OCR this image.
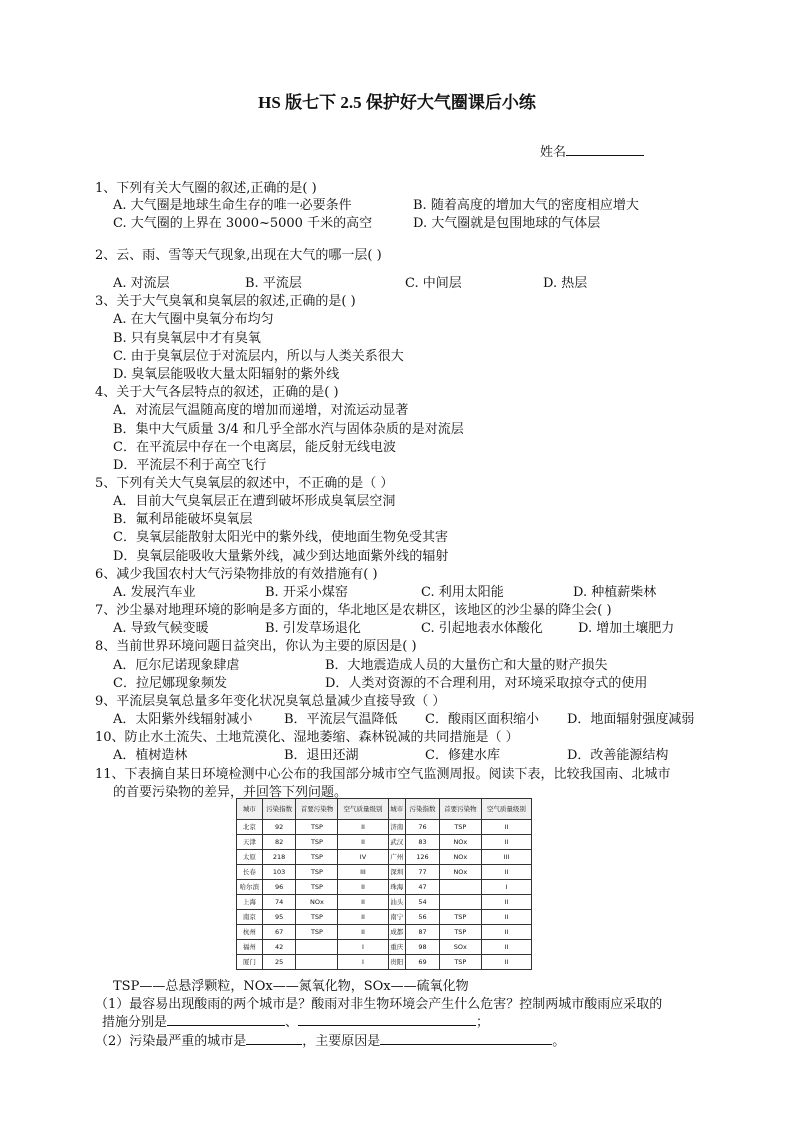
HS 版七下 2.5 保护好大气圈课后小练
姓名
1、下列有关大气圈的叙述,正确的是( )
A. 大气圈是地球生命生存的唯一必要条件	B. 随着高度的增加大气的密度相应增大
C. 大气圈的上界在 3000~5000 千米的高空	D. 大气圈就是包围地球的气体层
2、云、雨、雪等天气现象,出现在大气的哪一层( )
A. 对流层	B. 平流层	C. 中间层	D. 热层
3、关于大气臭氧和臭氧层的叙述,正确的是( )
A. 在大气圈中臭氧分布均匀
B. 只有臭氧层中才有臭氧
C. 由于臭氧层位于对流层内，所以与人类关系很大
D. 臭氧层能吸收大量太阳辐射的紫外线
4、关于大气各层特点的叙述，正确的是( )
A．对流层气温随高度的增加而递增，对流运动显著
B．集中大气质量 3/4 和几乎全部水汽与固体杂质的是对流层
C．在平流层中存在一个电离层，能反射无线电波
D．平流层不利于高空飞行
5、下列有关大气臭氧层的叙述中，不正确的是（ ）
A．目前大气臭氧层正在遭到破坏形成臭氧层空洞
B．氟利昂能破坏臭氧层
C．臭氧层能散射太阳光中的紫外线，使地面生物免受其害
D．臭氧层能吸收大量紫外线，减少到达地面紫外线的辐射
6、减少我国农村大气污染物排放的有效措施有( )
A. 发展汽车业	B. 开采小煤窑	C. 利用太阳能	D. 种植薪柴林
7、沙尘暴对地理环境的影响是多方面的，华北地区是农耕区，该地区的沙尘暴的降尘会( )
A. 导致气候变暖	B. 引发草场退化	C. 引起地表水体酸化	D. 增加土壤肥力
8、当前世界环境问题日益突出，你认为主要的原因是( )
A．厄尔尼诺现象肆虐	B．大地震造成人员的大量伤亡和大量的财产损失
C．拉尼娜现象频发	D．人类对资源的不合理利用，对环境采取掠夺式的使用
9、平流层臭氧总量多年变化状况臭氧总量减少直接导致（ ）
A．太阳紫外线辐射减小 B．平流层气温降低 C．酸雨区面积缩小 D．地面辐射强度减弱
10、防止水土流失、土地荒漠化、湿地萎缩、森林锐减的共同措施是（ ）
A．植树造林	B．退田还湖	C．修建水库	D．改善能源结构
11、下表摘自某日环境检测中心公布的我国部分城市空气监测周报。阅读下表，比较我国南、北城市
的首要污染物的差异，并回答下列问题。
城市	污染指数	首要污染物	空气质量级别	城市	污染指数	首要污染物	空气质量级别
北京	92	TSP	II	济南	76	TSP	II
天津	82	TSP	II	武汉	83	NOx	II
太原	218	TSP	IV	广州	126	NOx	III
长春	103	TSP	III	深圳	77	NOx	II
哈尔滨	96	TSP	II	珠海	47		I
上海	74	NOx	II	汕头	54		II
南京	95	TSP	II	南宁	56	TSP	II
杭州	67	TSP	II	成都	87	TSP	II
福州	42		I	重庆	98	SOx	II
厦门	25		I	贵阳	69	TSP	II
TSP——总悬浮颗粒，NOx——氮氧化物，SOx——硫氧化物
（1）最容易出现酸雨的两个城市是？酸雨对非生物环境会产生什么危害？控制两城市酸雨应采取的
措施分别是	、	；
（2）污染最严重的城市是	，主要原因是	。
